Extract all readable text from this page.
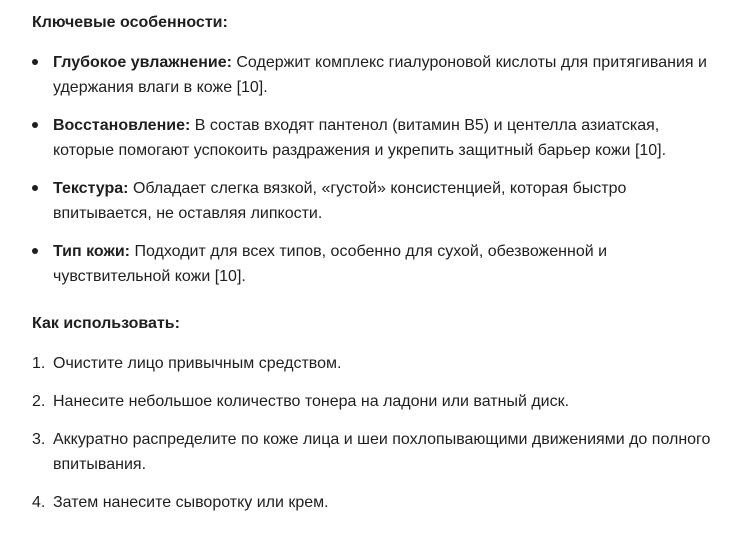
Ключевые особенности:

Глубокое увлажнение: Содержит комплекс гиалуроновой кислоты для притягивания и удержания влаги в коже [10].
Восстановление: В состав входят пантенол (витамин B5) и центелла азиатская, которые помогают успокоить раздражения и укрепить защитный барьер кожи [10].
Текстура: Обладает слегка вязкой, «густой» консистенцией, которая быстро впитывается, не оставляя липкости.
Тип кожи: Подходит для всех типов, особенно для сухой, обезвоженной и чувствительной кожи [10].

Как использовать:

1. Очистите лицо привычным средством.
2. Нанесите небольшое количество тонера на ладони или ватный диск.
3. Аккуратно распределите по коже лица и шеи похлопывающими движениями до полного впитывания.
4. Затем нанесите сыворотку или крем.
